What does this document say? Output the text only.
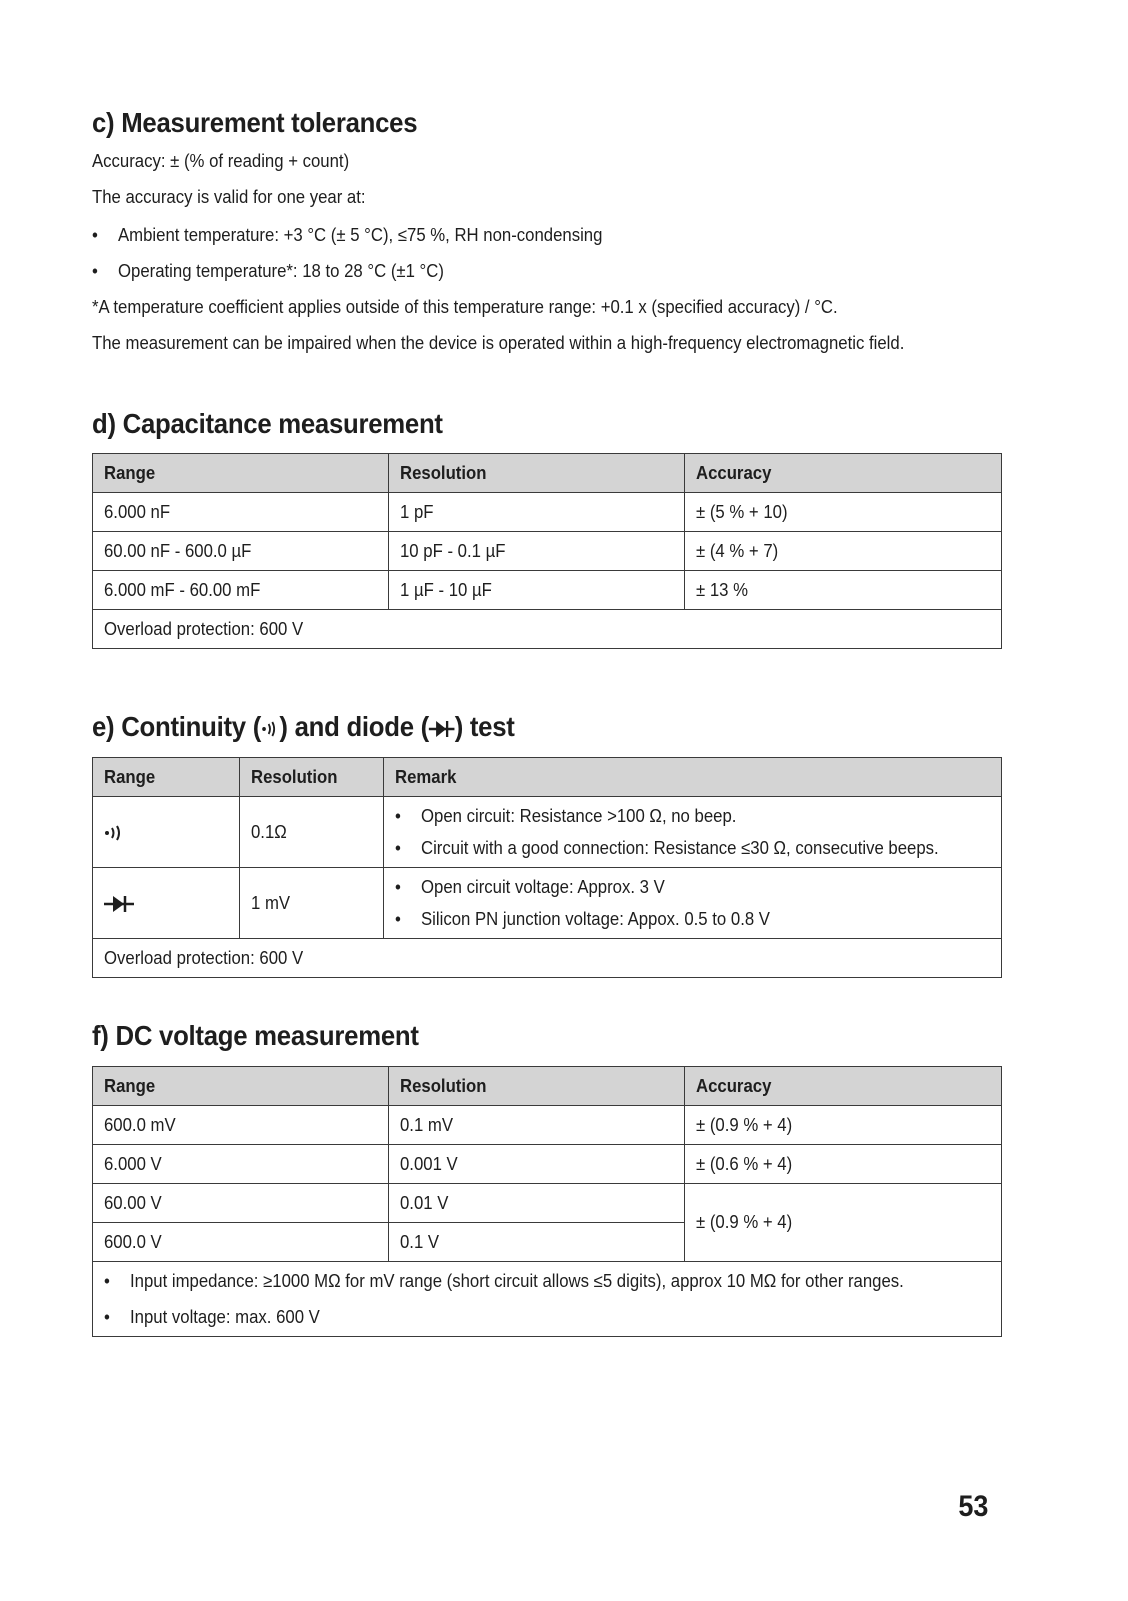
c) Measurement tolerances
Accuracy: ± (% of reading + count)
The accuracy is valid for one year at:
• Ambient temperature: +3 °C (± 5 °C), ≤75 %, RH non-condensing
• Operating temperature*: 18 to 28 °C (±1 °C)
*A temperature coefficient applies outside of this temperature range: +0.1 x (specified accuracy) / °C.
The measurement can be impaired when the device is operated within a high-frequency electromagnetic field.
d) Capacitance measurement
Range	Resolution	Accuracy
6.000 nF	1 pF	± (5 % + 10)
60.00 nF - 600.0 µF	10 pF - 0.1 µF	± (4 % + 7)
6.000 mF - 60.00 mF	1 µF - 10 µF	± 13 %
Overload protection: 600 V		
e) Continuity ( ) and diode ( ) test
Range	Resolution	Remark
	0.1Ω	• Open circuit: Resistance >100 Ω, no beep.
• Circuit with a good connection: Resistance ≤30 Ω, consecutive beeps.

	1 mV	• Open circuit voltage: Approx. 3 V
• Silicon PN junction voltage: Appox. 0.5 to 0.8 V

Overload protection: 600 V		
f) DC voltage measurement
Range	Resolution	Accuracy
600.0 mV	0.1 mV	± (0.9 % + 4)
6.000 V	0.001 V	± (0.6 % + 4)
60.00 V	0.01 V	± (0.9 % + 4)
600.0 V	0.1 V	

• Input impedance: ≥1000 MΩ for mV range (short circuit allows ≤5 digits), approx 10 MΩ for other ranges.
• Input voltage: max. 600 V		
53
